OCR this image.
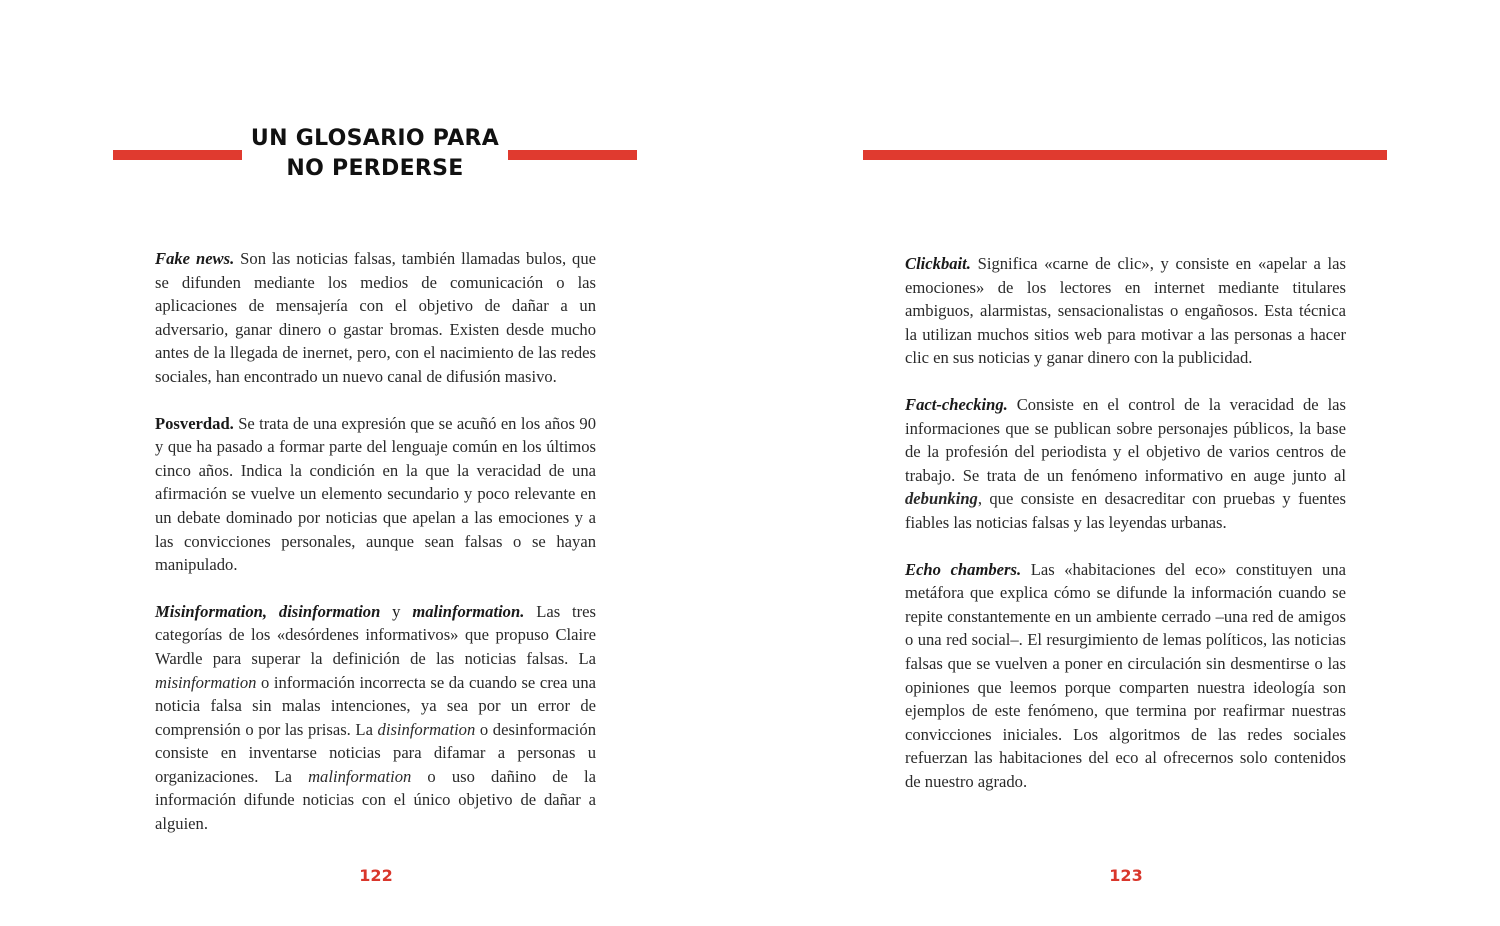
UN GLOSARIO PARA
NO PERDERSE

Fake news. Son las noticias falsas, también llamadas bulos, que se difunden mediante los medios de comunicación o las aplicaciones de mensajería con el objetivo de dañar a un adversario, ganar dinero o gastar bromas. Existen desde mucho antes de la llegada de inernet, pero, con el nacimiento de las redes sociales, han encontrado un nuevo canal de difusión masivo.

Posverdad. Se trata de una expresión que se acuñó en los años 90 y que ha pasado a formar parte del lenguaje común en los últimos cinco años. Indica la condición en la que la veracidad de una afirmación se vuelve un elemento secundario y poco relevante en un debate dominado por noticias que apelan a las emociones y a las convicciones personales, aunque sean falsas o se hayan manipulado.

Misinformation, disinformation y malinformation. Las tres categorías de los «desórdenes informativos» que propuso Claire Wardle para superar la definición de las noticias falsas. La misinformation o información incorrecta se da cuando se crea una noticia falsa sin malas intenciones, ya sea por un error de comprensión o por las prisas. La disinformation o desinformación consiste en inventarse noticias para difamar a personas u organizaciones. La malinformation o uso dañino de la información difunde noticias con el único objetivo de dañar a alguien.

122

Clickbait. Significa «carne de clic», y consiste en «apelar a las emociones» de los lectores en internet mediante titulares ambiguos, alarmistas, sensacionalistas o engañosos. Esta técnica la utilizan muchos sitios web para motivar a las personas a hacer clic en sus noticias y ganar dinero con la publicidad.

Fact-checking. Consiste en el control de la veracidad de las informaciones que se publican sobre personajes públicos, la base de la profesión del periodista y el objetivo de varios centros de trabajo. Se trata de un fenómeno informativo en auge junto al debunking, que consiste en desacreditar con pruebas y fuentes fiables las noticias falsas y las leyendas urbanas.

Echo chambers. Las «habitaciones del eco» constituyen una metáfora que explica cómo se difunde la información cuando se repite constantemente en un ambiente cerrado –una red de amigos o una red social–. El resurgimiento de lemas políticos, las noticias falsas que se vuelven a poner en circulación sin desmentirse o las opiniones que leemos porque comparten nuestra ideología son ejemplos de este fenómeno, que termina por reafirmar nuestras convicciones iniciales. Los algoritmos de las redes sociales refuerzan las habitaciones del eco al ofrecernos solo contenidos de nuestro agrado.

123
